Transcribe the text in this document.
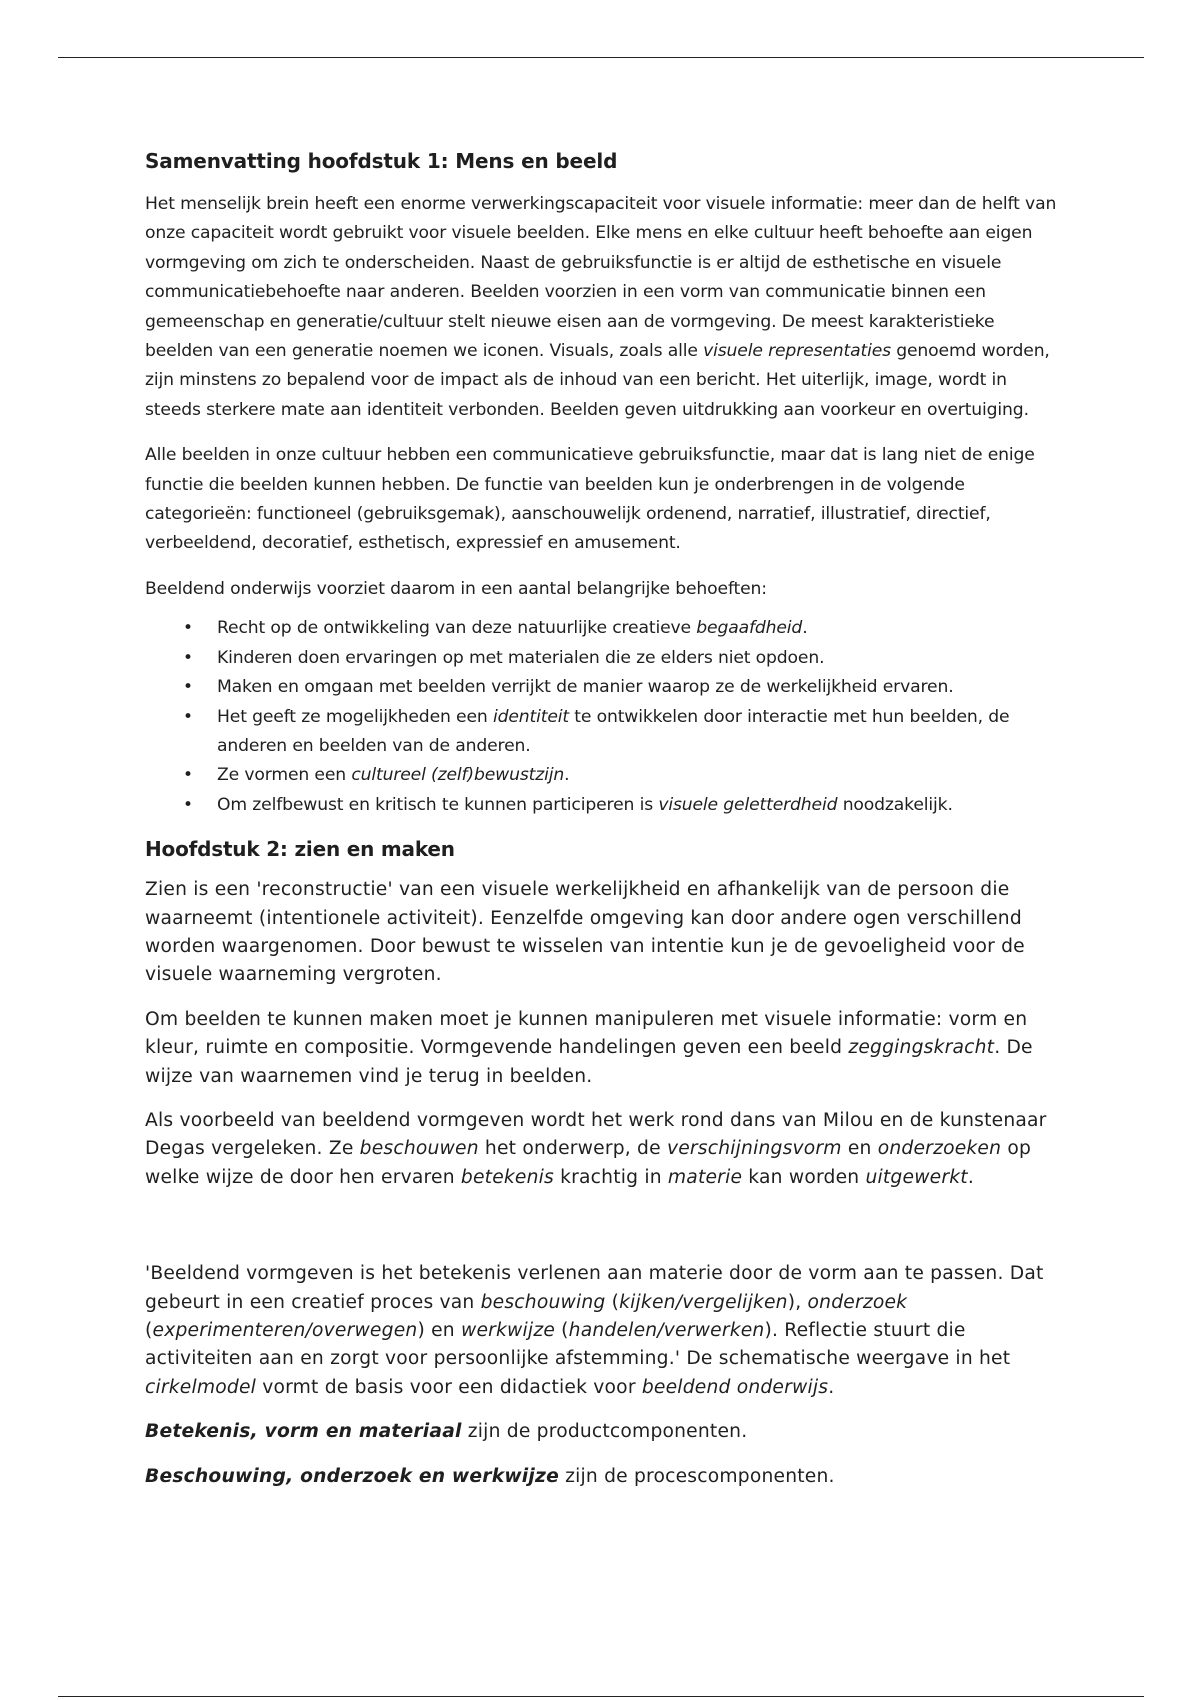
Samenvatting hoofdstuk 1: Mens en beeld

Het menselijk brein heeft een enorme verwerkingscapaciteit voor visuele informatie: meer dan de helft van onze capaciteit wordt gebruikt voor visuele beelden. Elke mens en elke cultuur heeft behoefte aan eigen vormgeving om zich te onderscheiden. Naast de gebruiksfunctie is er altijd de esthetische en visuele communicatiebehoefte naar anderen. Beelden voorzien in een vorm van communicatie binnen een gemeenschap en generatie/cultuur stelt nieuwe eisen aan de vormgeving. De meest karakteristieke beelden van een generatie noemen we iconen. Visuals, zoals alle visuele representaties genoemd worden, zijn minstens zo bepalend voor de impact als de inhoud van een bericht. Het uiterlijk, image, wordt in steeds sterkere mate aan identiteit verbonden. Beelden geven uitdrukking aan voorkeur en overtuiging.

Alle beelden in onze cultuur hebben een communicatieve gebruiksfunctie, maar dat is lang niet de enige functie die beelden kunnen hebben. De functie van beelden kun je onderbrengen in de volgende categorieën: functioneel (gebruiksgemak), aanschouwelijk ordenend, narratief, illustratief, directief, verbeeldend, decoratief, esthetisch, expressief en amusement.

Beeldend onderwijs voorziet daarom in een aantal belangrijke behoeften:

• Recht op de ontwikkeling van deze natuurlijke creatieve begaafdheid.
• Kinderen doen ervaringen op met materialen die ze elders niet opdoen.
• Maken en omgaan met beelden verrijkt de manier waarop ze de werkelijkheid ervaren.
• Het geeft ze mogelijkheden een identiteit te ontwikkelen door interactie met hun beelden, de anderen en beelden van de anderen.
• Ze vormen een cultureel (zelf)bewustzijn.
• Om zelfbewust en kritisch te kunnen participeren is visuele geletterdheid noodzakelijk.
Hoofdstuk 2: zien en maken

Zien is een 'reconstructie' van een visuele werkelijkheid en afhankelijk van de persoon die waarneemt (intentionele activiteit). Eenzelfde omgeving kan door andere ogen verschillend worden waargenomen. Door bewust te wisselen van intentie kun je de gevoeligheid voor de visuele waarneming vergroten.

Om beelden te kunnen maken moet je kunnen manipuleren met visuele informatie: vorm en kleur, ruimte en compositie. Vormgevende handelingen geven een beeld zeggingskracht. De wijze van waarnemen vind je terug in beelden.

Als voorbeeld van beeldend vormgeven wordt het werk rond dans van Milou en de kunstenaar Degas vergeleken. Ze beschouwen het onderwerp, de verschijningsvorm en onderzoeken op welke wijze de door hen ervaren betekenis krachtig in materie kan worden uitgewerkt.

'Beeldend vormgeven is het betekenis verlenen aan materie door de vorm aan te passen. Dat gebeurt in een creatief proces van beschouwing (kijken/vergelijken), onderzoek (experimenteren/overwegen) en werkwijze (handelen/verwerken). Reflectie stuurt die activiteiten aan en zorgt voor persoonlijke afstemming.' De schematische weergave in het cirkelmodel vormt de basis voor een didactiek voor beeldend onderwijs.

Betekenis, vorm en materiaal zijn de productcomponenten.

Beschouwing, onderzoek en werkwijze zijn de procescomponenten.
